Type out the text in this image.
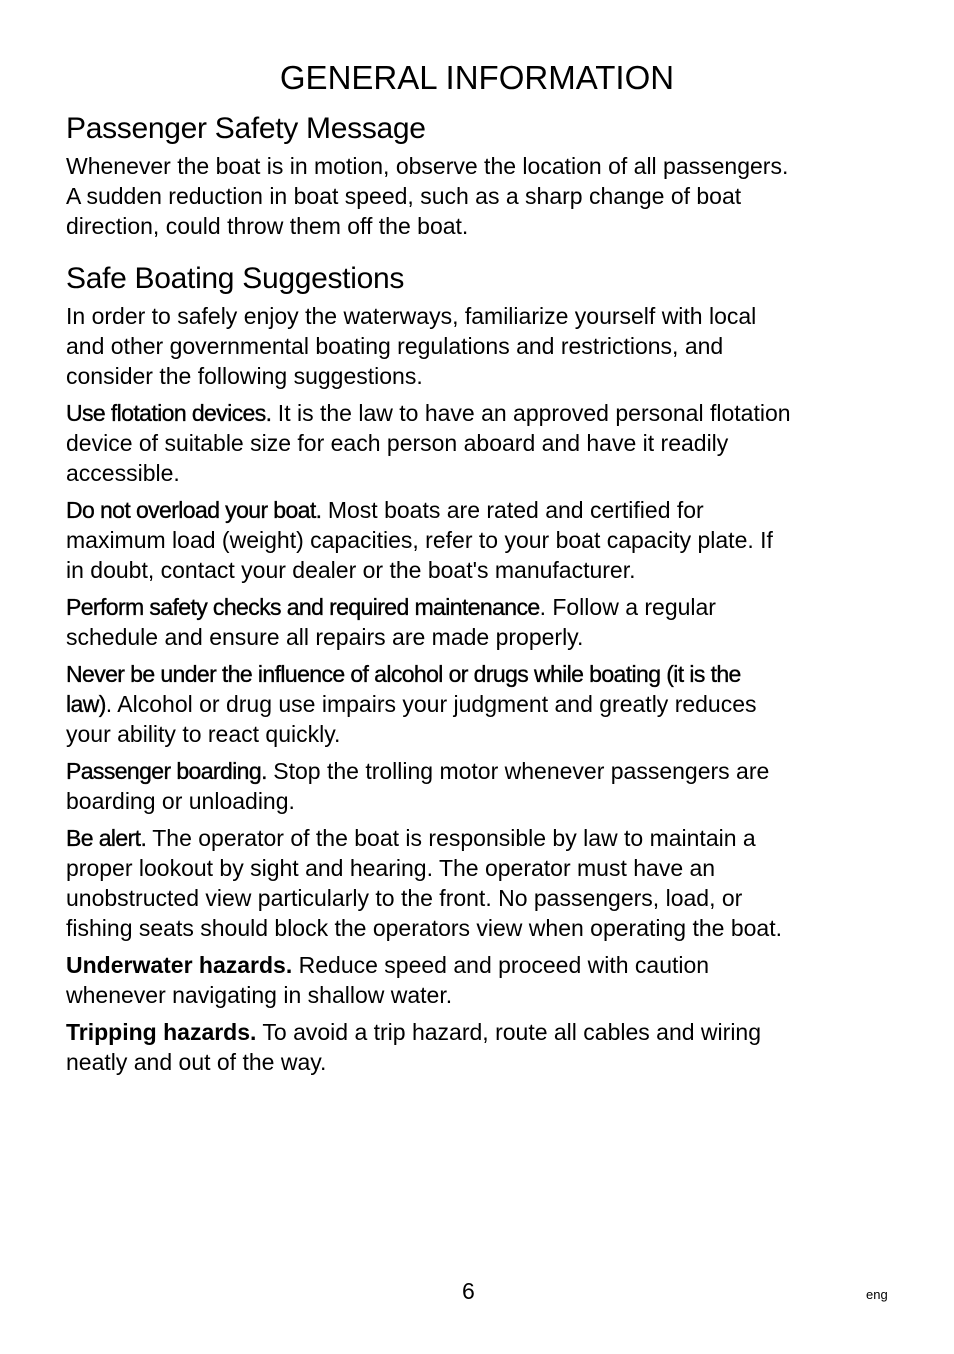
GENERAL INFORMATION
Passenger Safety Message

Whenever the boat is in motion, observe the location of all passengers.
A sudden reduction in boat speed, such as a sharp change of boat
direction, could throw them off the boat.

Safe Boating Suggestions

In order to safely enjoy the waterways, familiarize yourself with local
and other governmental boating regulations and restrictions, and
consider the following suggestions.

Use flotation devices. It is the law to have an approved personal flotation
device of suitable size for each person aboard and have it readily
accessible.

Do not overload your boat. Most boats are rated and certified for
maximum load (weight) capacities, refer to your boat capacity plate. If
in doubt, contact your dealer or the boat's manufacturer.

Perform safety checks and required maintenance. Follow a regular
schedule and ensure all repairs are made properly.

Never be under the influence of alcohol or drugs while boating (it is the
law). Alcohol or drug use impairs your judgment and greatly reduces
your ability to react quickly.

Passenger boarding. Stop the trolling motor whenever passengers are
boarding or unloading.

Be alert. The operator of the boat is responsible by law to maintain a
proper lookout by sight and hearing. The operator must have an
unobstructed view particularly to the front. No passengers, load, or
fishing seats should block the operators view when operating the boat.

Underwater hazards. Reduce speed and proceed with caution
whenever navigating in shallow water.

Tripping hazards. To avoid a trip hazard, route all cables and wiring
neatly and out of the way.

6	eng
